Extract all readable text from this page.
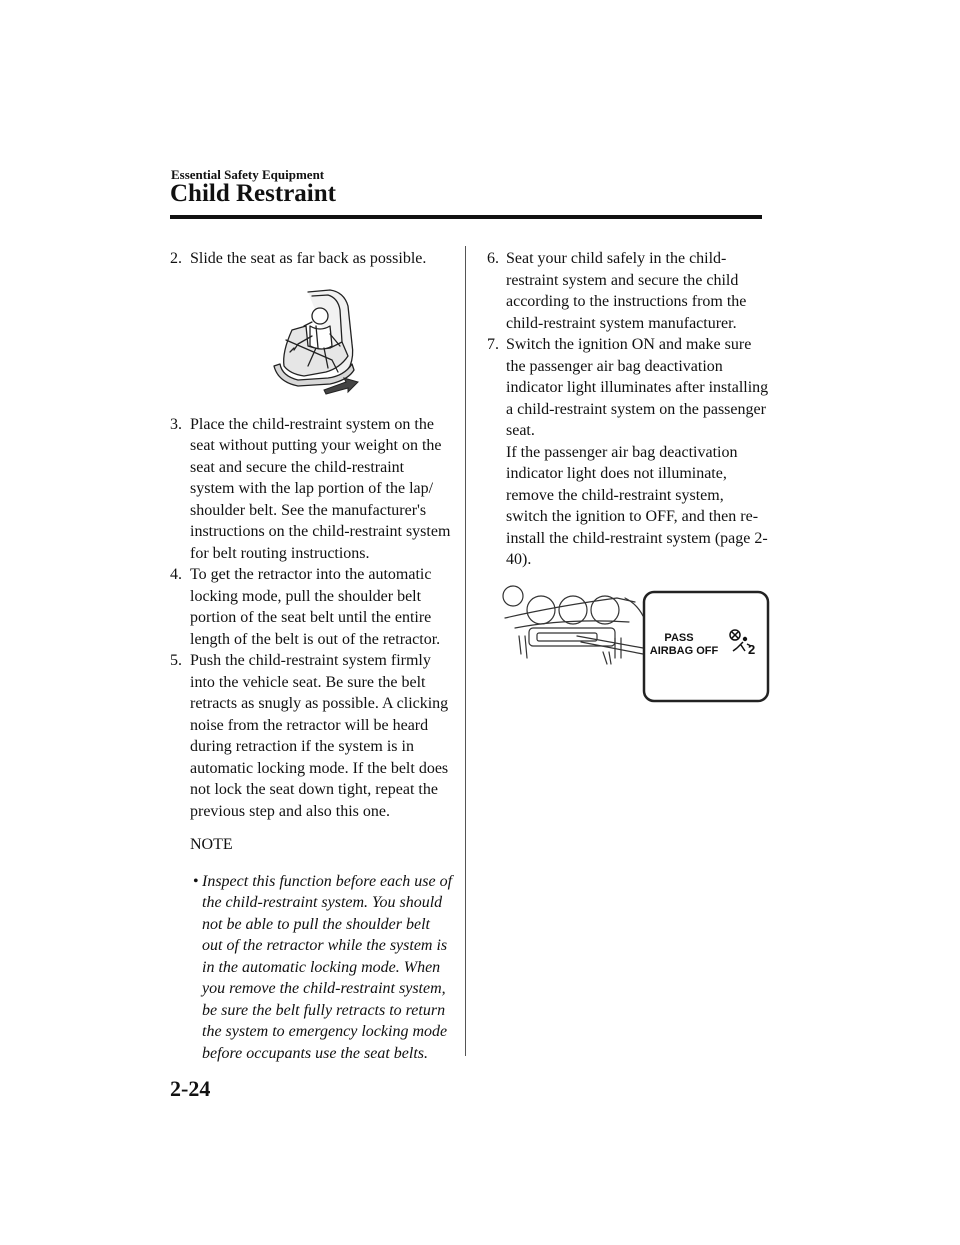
Essential Safety Equipment
Child Restraint

2. Slide the seat as far back as possible.

3. Place the child-restraint system on the seat without putting your weight on the seat and secure the child-restraint system with the lap portion of the lap/ shoulder belt. See the manufacturer's instructions on the child-restraint system for belt routing instructions.

4. To get the retractor into the automatic locking mode, pull the shoulder belt portion of the seat belt until the entire length of the belt is out of the retractor.

5. Push the child-restraint system firmly into the vehicle seat. Be sure the belt retracts as snugly as possible. A clicking noise from the retractor will be heard during retraction if the system is in automatic locking mode. If the belt does not lock the seat down tight, repeat the previous step and also this one.

NOTE

• Inspect this function before each use of the child-restraint system. You should not be able to pull the shoulder belt out of the retractor while the system is in the automatic locking mode. When you remove the child-restraint system, be sure the belt fully retracts to return the system to emergency locking mode before occupants use the seat belts.

6. Seat your child safely in the child-restraint system and secure the child according to the instructions from the child-restraint system manufacturer.

7. Switch the ignition ON and make sure the passenger air bag deactivation indicator light illuminates after installing a child-restraint system on the passenger seat.
If the passenger air bag deactivation indicator light does not illuminate, remove the child-restraint system, switch the ignition to OFF, and then re-install the child-restraint system (page 2-40).

PASS
AIRBAG OFF 2
2-24
